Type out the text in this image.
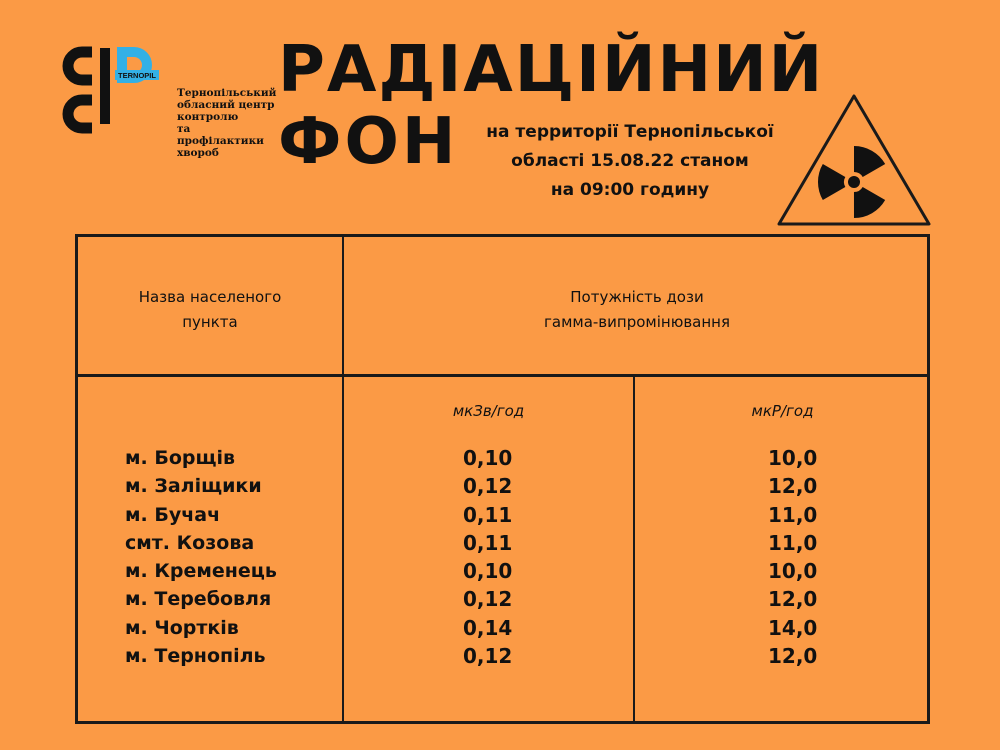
TERNOPIL
Тернопільський
обласний центр контролю
та профілактики
хвороб
РАДІАЦІЙНИЙ
ФОН	на территорії Тернопільської
області 15.08.22 станом
на 09:00 годину
Назва населеного
пункта
Потужність дози
гамма-випромінювання
мкЗв/год	мкР/год
м. Борщів
м. Заліщики
м. Бучач
смт. Козова
м. Кременець
м. Теребовля
м. Чортків
м. Тернопіль
0,10
0,12
0,11
0,11
0,10
0,12
0,14
0,12
10,0
12,0
11,0
11,0
10,0
12,0
14,0
12,0
